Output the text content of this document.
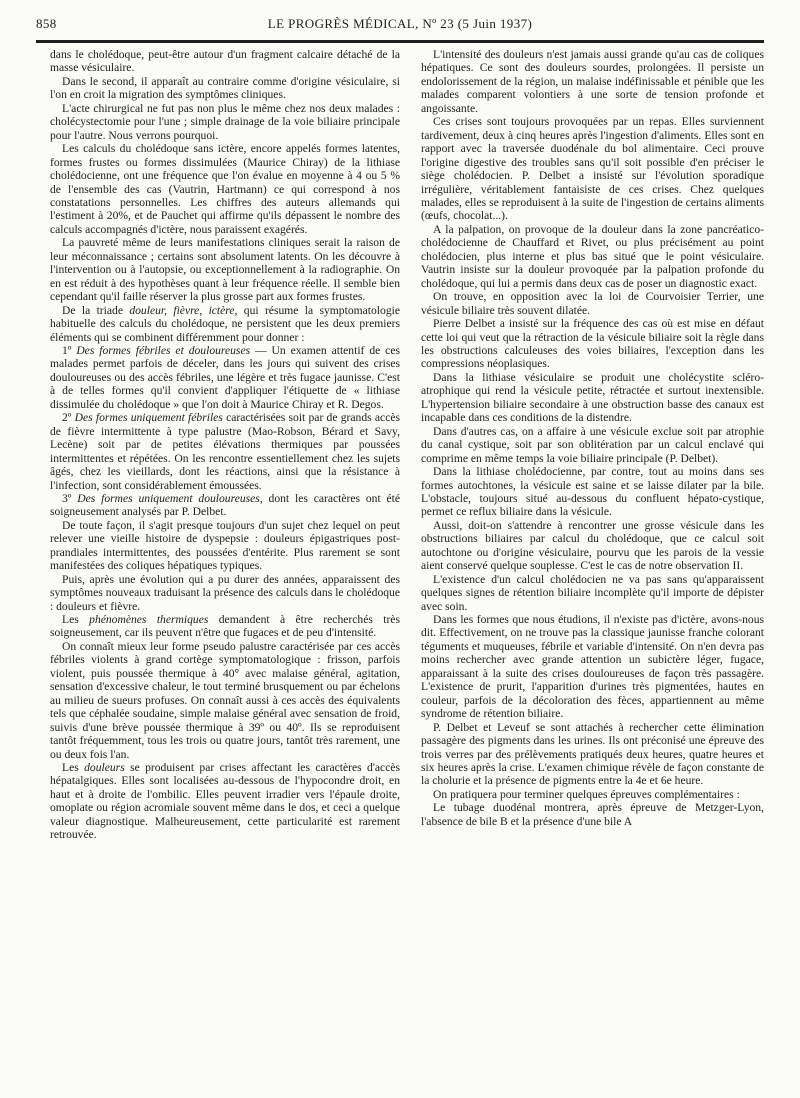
858	LE PROGRÈS MÉDICAL, Nº 23 (5 Juin 1937)

dans le cholédoque, peut-être autour d'un fragment calcaire détaché de la masse vésiculaire.

Dans le second, il apparaît au contraire comme d'origine vésiculaire, si l'on en croit la migration des symptômes cliniques.

L'acte chirurgical ne fut pas non plus le même chez nos deux malades : cholécystectomie pour l'une ; simple drainage de la voie biliaire principale pour l'autre. Nous verrons pourquoi.

Les calculs du cholédoque sans ictère, encore appelés formes latentes, formes frustes ou formes dissimulées (Maurice Chiray) de la lithiase cholédocienne, ont une fréquence que l'on évalue en moyenne à 4 ou 5 % de l'ensemble des cas (Vautrin, Hartmann) ce qui correspond à nos constatations personnelles. Les chiffres des auteurs allemands qui l'estiment à 20%, et de Pauchet qui affirme qu'ils dépassent le nombre des calculs accompagnés d'ictère, nous paraissent exagérés.

La pauvreté même de leurs manifestations cliniques serait la raison de leur méconnaissance ; certains sont absolument latents. On les découvre à l'intervention ou à l'autopsie, ou exceptionnellement à la radiographie. On en est réduit à des hypothèses quant à leur fréquence réelle. Il semble bien cependant qu'il faille réserver la plus grosse part aux formes frustes.

De la triade douleur, fièvre, ictère, qui résume la symptomatologie habituelle des calculs du cholédoque, ne persistent que les deux premiers éléments qui se combinent différemment pour donner :

1º Des formes fébriles et douloureuses — Un examen attentif de ces malades permet parfois de déceler, dans les jours qui suivent des crises douloureuses ou des accès fébriles, une légère et très fugace jaunisse. C'est à de telles formes qu'il convient d'appliquer l'étiquette de « lithiase dissimulée du cholédoque » que l'on doit à Maurice Chiray et R. Degos.

2º Des formes uniquement fébriles caractérisées soit par de grands accès de fièvre intermittente à type palustre (Mao-Robson, Bérard et Savy, Lecène) soit par de petites élévations thermiques par poussées intermittentes et répétées. On les rencontre essentiellement chez les sujets âgés, chez les vieillards, dont les réactions, ainsi que la résistance à l'infection, sont considérablement émoussées.

3º Des formes uniquement douloureuses, dont les caractères ont été soigneusement analysés par P. Delbet.

De toute façon, il s'agit presque toujours d'un sujet chez lequel on peut relever une vieille histoire de dyspepsie : douleurs épigastriques post-prandiales intermittentes, des poussées d'entérite. Plus rarement se sont manifestées des coliques hépatiques typiques.

Puis, après une évolution qui a pu durer des années, apparaissent des symptômes nouveaux traduisant la présence des calculs dans le cholédoque : douleurs et fièvre.

Les phénomènes thermiques demandent à être recherchés très soigneusement, car ils peuvent n'être que fugaces et de peu d'intensité.

On connaît mieux leur forme pseudo palustre caractérisée par ces accès fébriles violents à grand cortège symptomatologique : frisson, parfois violent, puis poussée thermique à 40° avec malaise général, agitation, sensation d'excessive chaleur, le tout terminé brusquement ou par échelons au milieu de sueurs profuses. On connaît aussi à ces accès des équivalents tels que céphalée soudaine, simple malaise général avec sensation de froid, suivis d'une brève poussée thermique à 39º ou 40º. Ils se reproduisent tantôt fréquemment, tous les trois ou quatre jours, tantôt très rarement, une ou deux fois l'an.

Les douleurs se produisent par crises affectant les caractères d'accès hépatalgiques. Elles sont localisées au-dessous de l'hypocondre droit, en haut et à droite de l'ombilic. Elles peuvent irradier vers l'épaule droite, omoplate ou région acromiale souvent même dans le dos, et ceci a quelque valeur diagnostique. Malheureusement, cette particularité est rarement retrouvée.

L'intensité des douleurs n'est jamais aussi grande qu'au cas de coliques hépatiques. Ce sont des douleurs sourdes, prolongées. Il persiste un endolorissement de la région, un malaise indéfinissable et pénible que les malades comparent volontiers à une sorte de tension profonde et angoissante.

Ces crises sont toujours provoquées par un repas. Elles surviennent tardivement, deux à cinq heures après l'ingestion d'aliments. Elles sont en rapport avec la traversée duodénale du bol alimentaire. Ceci prouve l'origine digestive des troubles sans qu'il soit possible d'en préciser le siège cholédocien. P. Delbet a insisté sur l'évolution sporadique irrégulière, véritablement fantaisiste de ces crises. Chez quelques malades, elles se reproduisent à la suite de l'ingestion de certains aliments (œufs, chocolat...).

A la palpation, on provoque de la douleur dans la zone pancréatico-cholédocienne de Chauffard et Rivet, ou plus précisément au point cholédocien, plus interne et plus bas situé que le point vésiculaire. Vautrin insiste sur la douleur provoquée par la palpation profonde du cholédoque, qui lui a permis dans deux cas de poser un diagnostic exact.

On trouve, en opposition avec la loi de Courvoisier Terrier, une vésicule biliaire très souvent dilatée.

Pierre Delbet a insisté sur la fréquence des cas où est mise en défaut cette loi qui veut que la rétraction de la vésicule biliaire soit la règle dans les obstructions calculeuses des voies biliaires, l'exception dans les compressions néoplasiques.

Dans la lithiase vésiculaire se produit une cholécystite scléro-atrophique qui rend la vésicule petite, rétractée et surtout inextensible. L'hypertension biliaire secondaire à une obstruction basse des canaux est incapable dans ces conditions de la distendre.

Dans d'autres cas, on a affaire à une vésicule exclue soit par atrophie du canal cystique, soit par son oblitération par un calcul enclavé qui comprime en même temps la voie biliaire principale (P. Delbet).

Dans la lithiase cholédocienne, par contre, tout au moins dans ses formes autochtones, la vésicule est saine et se laisse dilater par la bile. L'obstacle, toujours situé au-dessous du confluent hépato-cystique, permet ce reflux biliaire dans la vésicule.

Aussi, doit-on s'attendre à rencontrer une grosse vésicule dans les obstructions biliaires par calcul du cholédoque, que ce calcul soit autochtone ou d'origine vésiculaire, pourvu que les parois de la vessie aient conservé quelque souplesse. C'est le cas de notre observation II.

L'existence d'un calcul cholédocien ne va pas sans qu'apparaissent quelques signes de rétention biliaire incomplète qu'il importe de dépister avec soin.

Dans les formes que nous étudions, il n'existe pas d'ictère, avons-nous dit. Effectivement, on ne trouve pas la classique jaunisse franche colorant téguments et muqueuses, fébrile et variable d'intensité. On n'en devra pas moins rechercher avec grande attention un subictère léger, fugace, apparaissant à la suite des crises douloureuses de façon très passagère. L'existence de prurit, l'apparition d'urines très pigmentées, hautes en couleur, parfois de la décoloration des fèces, appartiennent au même syndrome de rétention biliaire.

P. Delbet et Leveuf se sont attachés à rechercher cette élimination passagère des pigments dans les urines. Ils ont préconisé une épreuve des trois verres par des prélèvements pratiqués deux heures, quatre heures et six heures après la crise. L'examen chimique révèle de façon constante de la cholurie et la présence de pigments entre la 4e et 6e heure.

On pratiquera pour terminer quelques épreuves complémentaires :

Le tubage duodénal montrera, après épreuve de Metzger-Lyon, l'absence de bile B et la présence d'une bile A
